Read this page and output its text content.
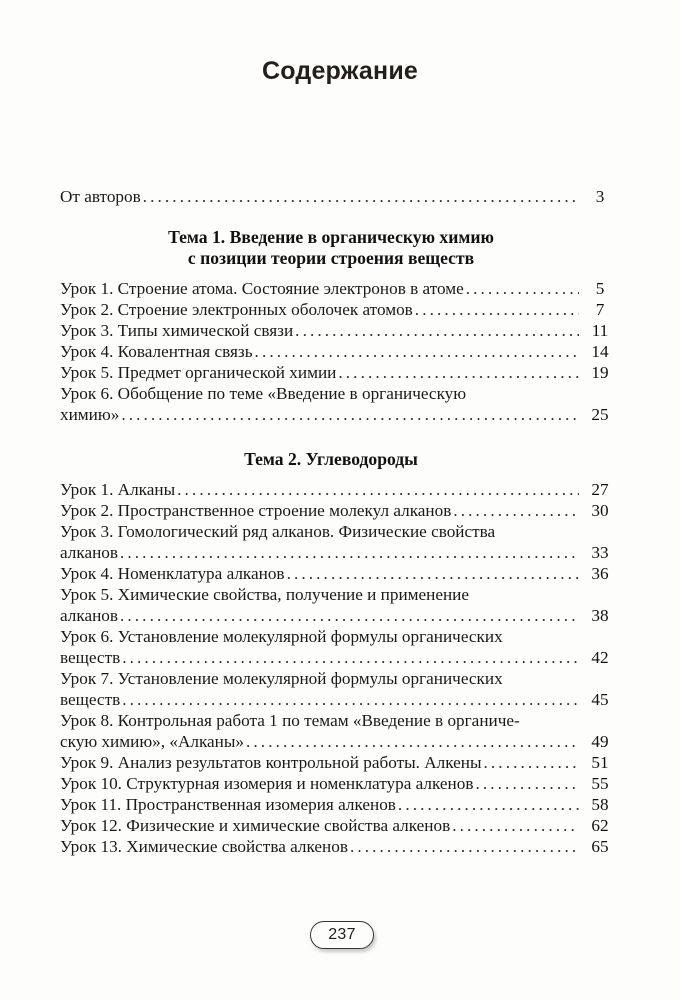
Содержание
От авторов .....	3
Тема 1. Введение в органическую химию
с позиции теории строения веществ
Урок 1. Строение атома. Состояние электронов в атоме .....	5
Урок 2. Строение электронных оболочек атомов .....	7
Урок 3. Типы химической связи .....	11
Урок 4. Ковалентная связь .....	14
Урок 5. Предмет органической химии .....	19
Урок 6. Обобщение по теме «Введение в органическую
химию» .....	25
Тема 2. Углеводороды
Урок 1. Алканы .....	27
Урок 2. Пространственное строение молекул алканов .....	30
Урок 3. Гомологический ряд алканов. Физические свойства
алканов .....	33
Урок 4. Номенклатура алканов .....	36
Урок 5. Химические свойства, получение и применение
алканов .....	38
Урок 6. Установление молекулярной формулы органических
веществ .....	42
Урок 7. Установление молекулярной формулы органических
веществ .....	45
Урок 8. Контрольная работа 1 по темам «Введение в органиче-
скую химию», «Алканы» .....	49
Урок 9. Анализ результатов контрольной работы. Алкены .....	51
Урок 10. Структурная изомерия и номенклатура алкенов .....	55
Урок 11. Пространственная изомерия алкенов .....	58
Урок 12. Физические и химические свойства алкенов .....	62
Урок 13. Химические свойства алкенов .....	65
237
